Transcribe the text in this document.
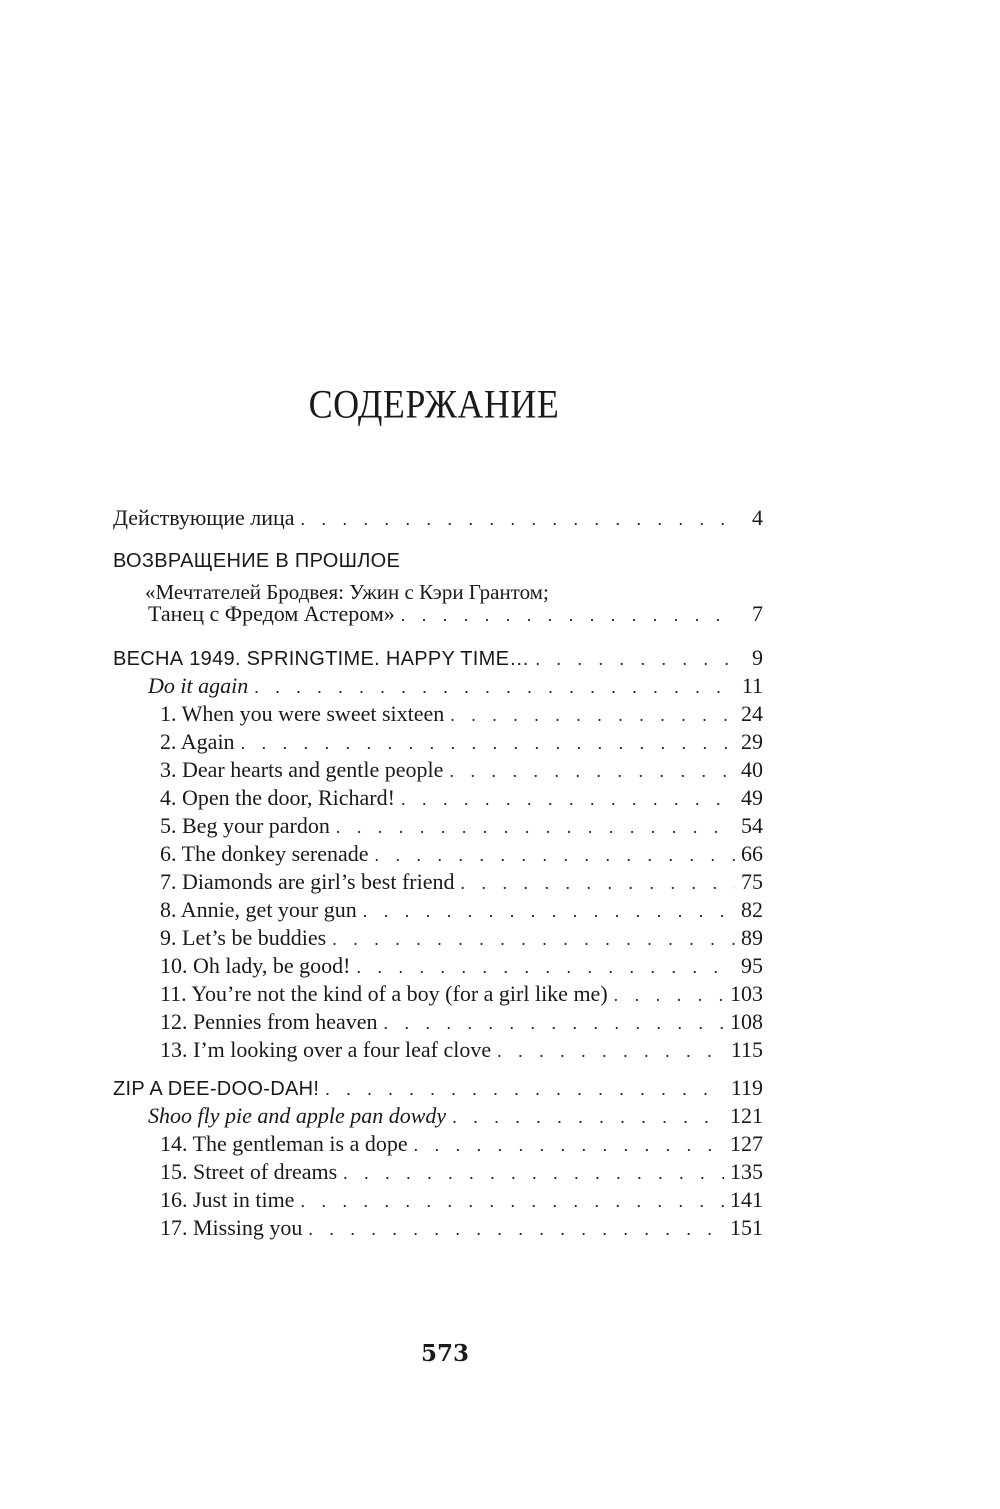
СОДЕРЖАНИЕ
Действующие лица . . .	4
ВОЗВРАЩЕНИЕ В ПРОШЛОЕ
«Мечтателей Бродвея: Ужин с Кэри Грантом;
Танец с Фредом Астером» . . .	7
ВЕСНА 1949. SPRINGTIME. HAPPY TIME… . . .	9
Do it again . . .	11
1. When you were sweet sixteen . . .	24
2. Again . . .	29
3. Dear hearts and gentle people . . .	40
4. Open the door, Richard! . . .	49
5. Beg your pardon . . .	54
6. The donkey serenade . . .	66
7. Diamonds are girl’s best friend . . .	75
8. Annie, get your gun . . .	82
9. Let’s be buddies . . .	89
10. Oh lady, be good! . . .	95
11. You’re not the kind of a boy (for a girl like me) . . .	103
12. Pennies from heaven . . .	108
13. I’m looking over a four leaf clove . . .	115
ZIP A DEE-DOO-DAH! . . .	119
Shoo fly pie and apple pan dowdy . . .	121
14. The gentleman is a dope . . .	127
15. Street of dreams . . .	135
16. Just in time . . .	141
17. Missing you . . .	151
573
